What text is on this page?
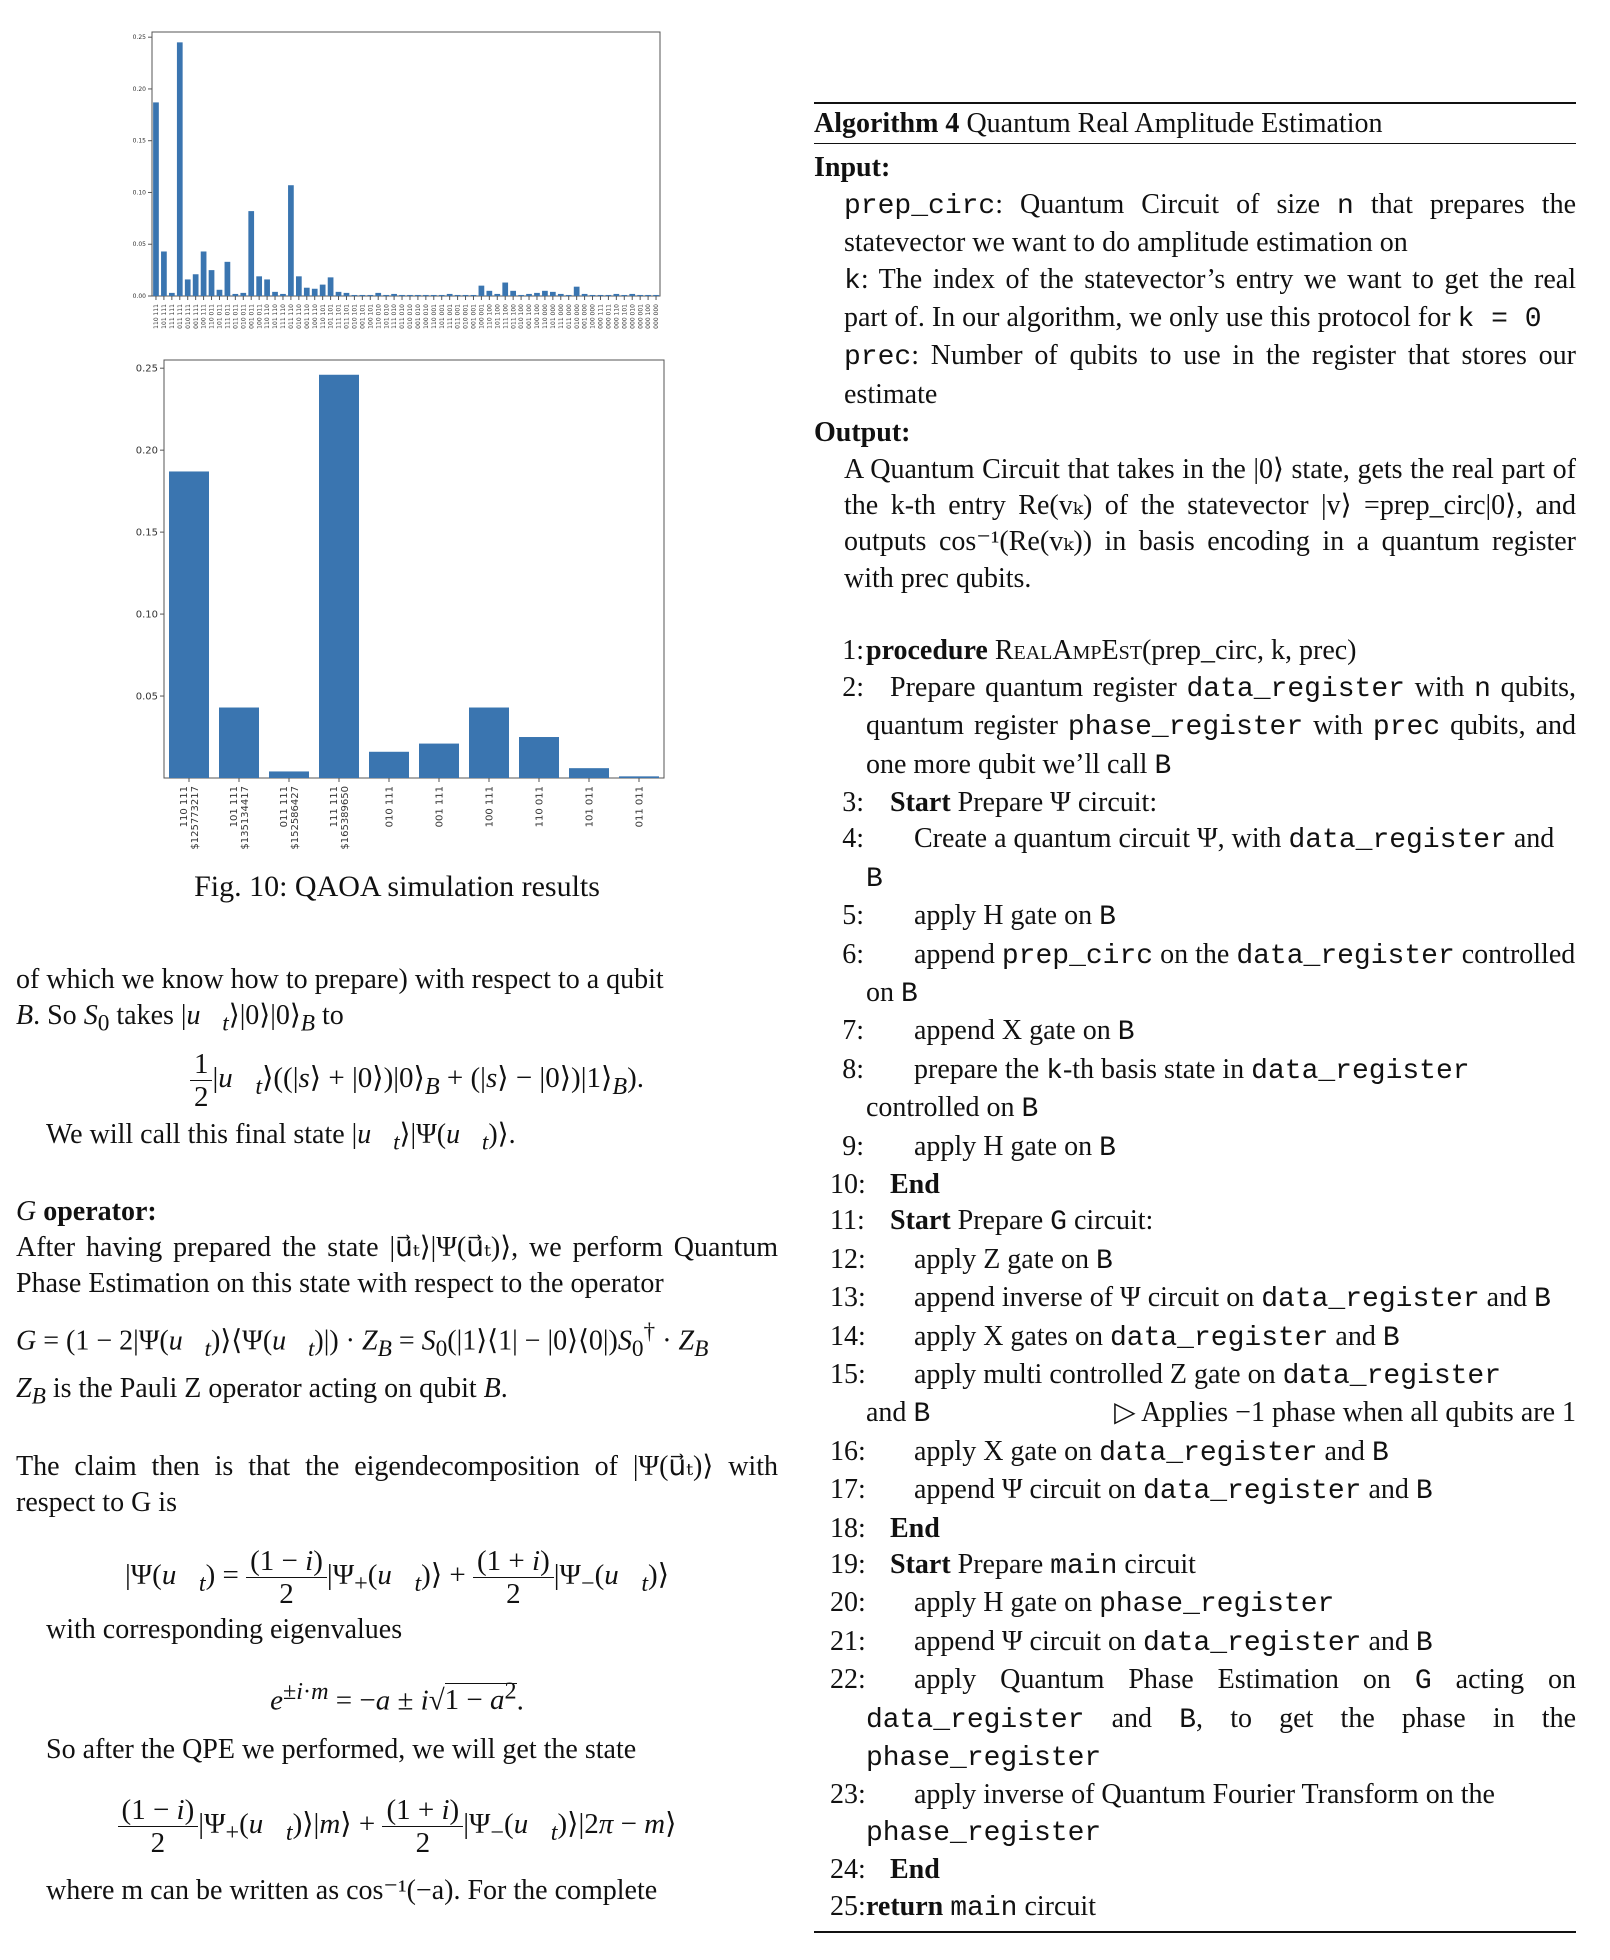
0.00
0.05
0.10
0.15
0.20
0.25
110 111 101 111 111 111 011 111 010 111 001 111 100 111 110 011 101 011 111 011 011 011 010 011 001 011 100 011 110 110 101 110 111 110 011 110 010 110 001 110 100 110 110 101 101 101 111 101 011 101 010 101 001 101 100 101 110 010 101 010 111 010 011 010 010 010 001 010 100 010 110 001 101 001 111 001 011 001 010 001 001 001 100 001 110 100 101 100 111 100 011 100 010 100 001 100 100 100 110 000 101 000 111 000 011 000 010 000 001 000 100 000 000 111 000 011 000 110 000 101 000 010 000 001 000 100 000 000
0.05
0.10
0.15
0.20
0.25
110 111 $125773217	101 111 $135134417	011 111 $152586427	111 111 $165389650	010 111	001 111	100 111	110 011	101 011	011 011
Fig. 10: QAOA simulation results

of which we know how to prepare) with respect to a qubit
B. So $S_0$ takes $|u⃗_t⟩|0⟩|0⟩_B$ to

$\frac{1}{2}$ $|u⃗_t⟩((|s⟩$ + $|0⟩)|0⟩_B$ + (|s⟩ − $|0⟩)|1⟩_B$).

We will call this final state $|u⃗_t⟩|\Psi(u⃗_t)⟩$.

G operator:

After having prepared the state |u⃗ₜ⟩|Ψ(u⃗ₜ)⟩, we perform Quantum Phase Estimation on this state with respect to the operator

$G = (1 - 2|\Psi(u⃗_t)⟩⟨\Psi(u⃗_t)|) \cdot Z_B$ = $S_0(|1⟩⟨1|$ − $|0⟩⟨0|)S_0^\dagger \cdot Z_B$

$Z_B$ is the Pauli Z operator acting on qubit B.

The claim then is that the eigendecomposition of |Ψ(u⃗ₜ)⟩ with respect to G is

$|\Psi(u⃗_t) = \frac{(1 - i)}{2}$ $|\Psi_+(u⃗_t)⟩ + \frac{(1 + i)}{2}$ $|\Psi_-(u⃗_t)⟩$

with corresponding eigenvalues

$e^{\pm i\cdot m} = -a \pm i√1 - a^2$.

So after the QPE we performed, we will get the state

$\frac{(1 - i)}{2}$ $|\Psi_+(u⃗_t)⟩|m⟩ + \frac{(1 + i)}{2}$ $|\Psi_-(u⃗_t)⟩|2\pi$ − m⟩

where m can be written as cos⁻¹(−a). For the complete

Algorithm 4 Quantum Real Amplitude Estimation
Input:
prep_circ: Quantum Circuit of size n that prepares the statevector we want to do amplitude estimation on
k: The index of the statevector’s entry we want to get the real part of. In our algorithm, we only use this protocol for k = 0
prec: Number of qubits to use in the register that stores our estimate
Output:
A Quantum Circuit that takes in the |0⟩ state, gets the real part of the k-th entry Re(vₖ) of the statevector |v⟩ =prep_circ|0⟩, and outputs cos⁻¹(Re(vₖ)) in basis encoding in a quantum register with prec qubits.
1: procedure RealAmpEst(prep_circ, k, prec)
2: Prepare quantum register data_register with n qubits, quantum register phase_register with prec qubits, and one more qubit we’ll call B
3: Start Prepare Ψ circuit:
4: Create a quantum circuit Ψ, with data_register and B
5: apply H gate on B
6: append prep_circ on the data_register controlled on B
7: append X gate on B
8: prepare the k-th basis state in data_register controlled on B
9: apply H gate on B
10: End
11: Start Prepare G circuit:
12: apply Z gate on B
13: append inverse of Ψ circuit on data_register and B
14: apply X gates on data_register and B
15: apply multi controlled Z gate on data_register
and B	▷ Applies −1 phase when all qubits are 1
16: apply X gate on data_register and B
17: append Ψ circuit on data_register and B
18: End
19: Start Prepare main circuit
20: apply H gate on phase_register
21: append Ψ circuit on data_register and B
22: apply Quantum Phase Estimation on G acting on data_register and B, to get the phase in the phase_register
23: apply inverse of Quantum Fourier Transform on the
phase_register
24: End
25: return main circuit
